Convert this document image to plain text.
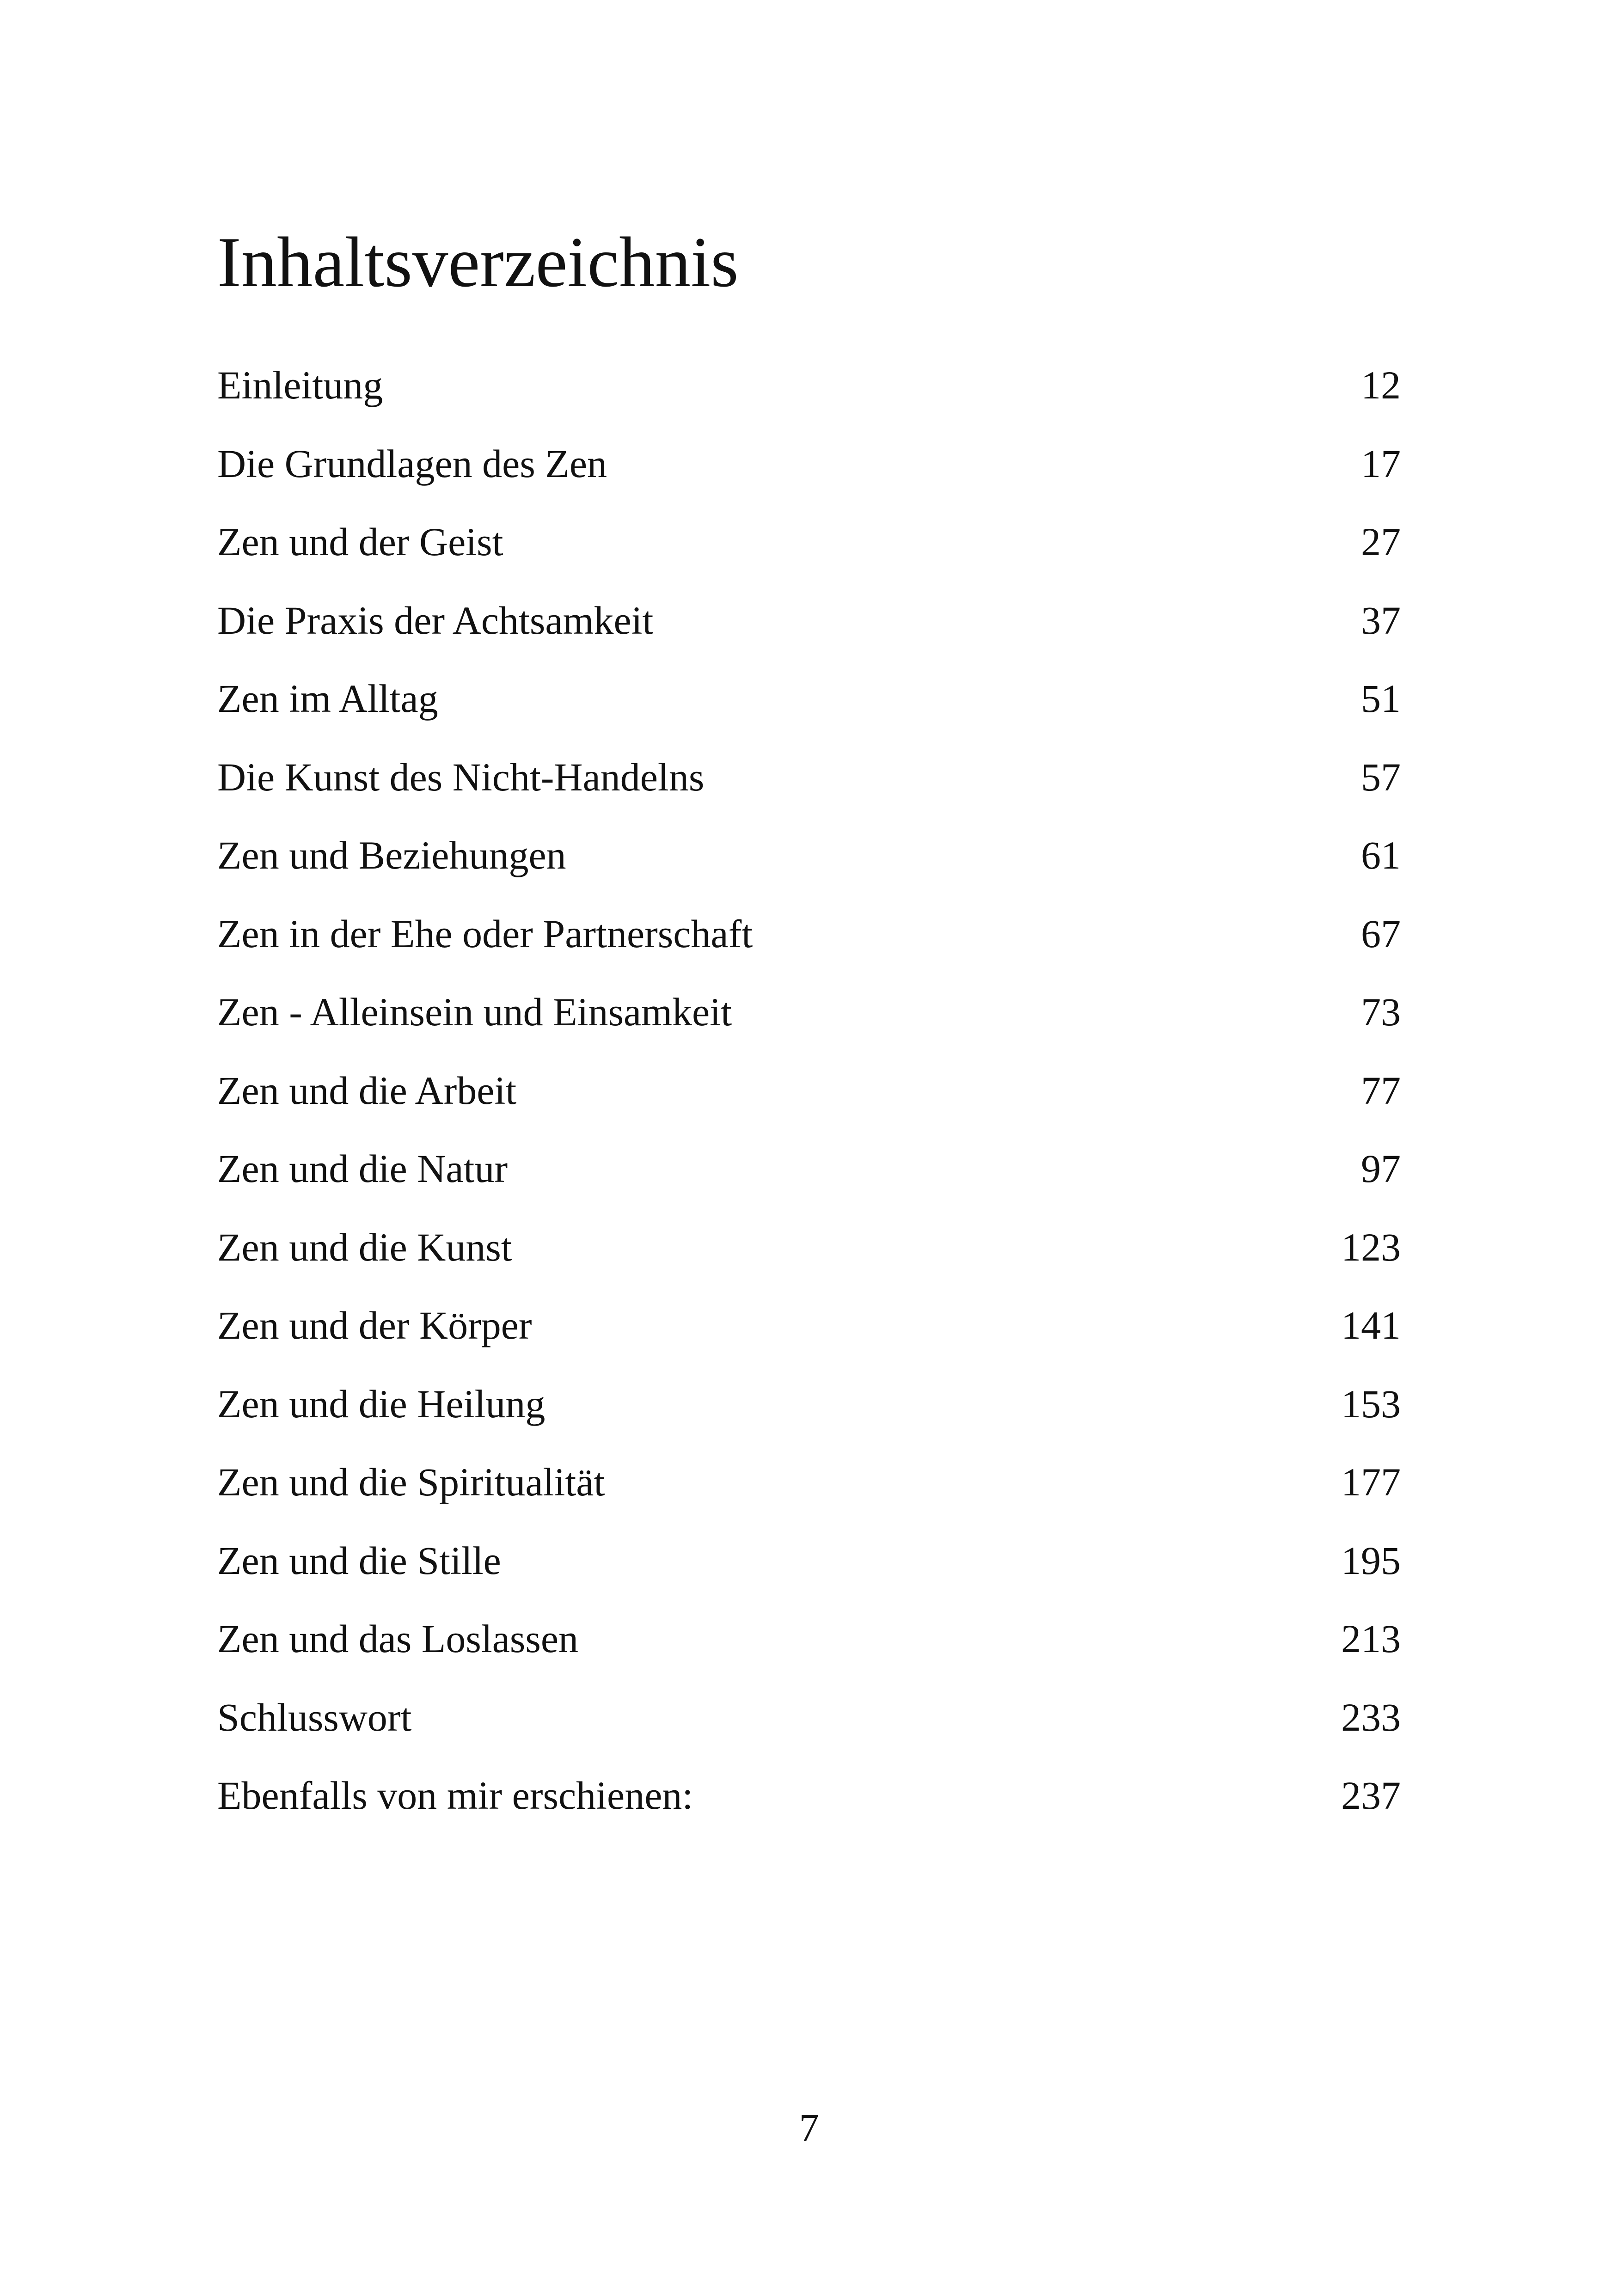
Inhaltsverzeichnis
Einleitung	12
Die Grundlagen des Zen	17
Zen und der Geist	27
Die Praxis der Achtsamkeit	37
Zen im Alltag	51
Die Kunst des Nicht-Handelns	57
Zen und Beziehungen	61
Zen in der Ehe oder Partnerschaft	67
Zen - Alleinsein und Einsamkeit	73
Zen und die Arbeit	77
Zen und die Natur	97
Zen und die Kunst	123
Zen und der Körper	141
Zen und die Heilung	153
Zen und die Spiritualität	177
Zen und die Stille	195
Zen und das Loslassen	213
Schlusswort	233
Ebenfalls von mir erschienen:	237
7
